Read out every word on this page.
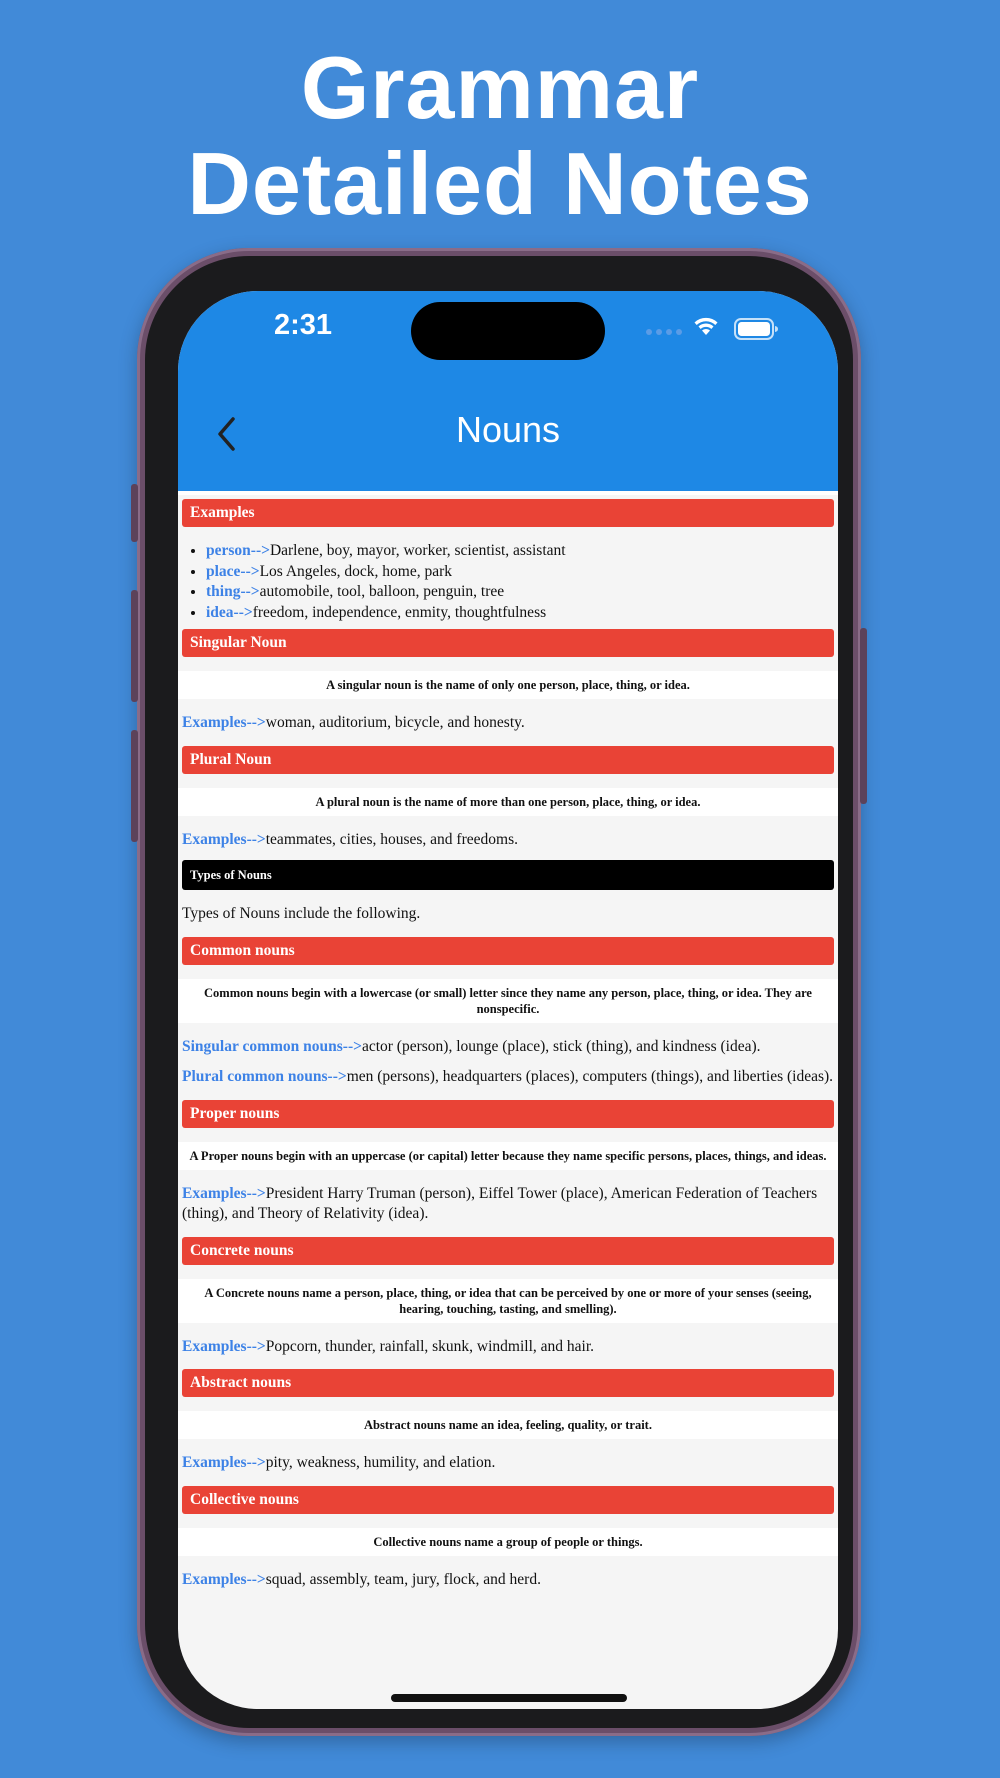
Grammar
Detailed Notes
2:31
Nouns
Examples
• person-->Darlene, boy, mayor, worker, scientist, assistant
• place-->Los Angeles, dock, home, park
• thing-->automobile, tool, balloon, penguin, tree
• idea-->freedom, independence, enmity, thoughtfulness
Singular Noun
A singular noun is the name of only one person, place, thing, or idea.
Examples-->woman, auditorium, bicycle, and honesty.
Plural Noun
A plural noun is the name of more than one person, place, thing, or idea.
Examples-->teammates, cities, houses, and freedoms.
Types of Nouns
Types of Nouns include the following.
Common nouns
Common nouns begin with a lowercase (or small) letter since they name any person, place, thing, or idea. They are nonspecific.
Singular common nouns-->actor (person), lounge (place), stick (thing), and kindness (idea).
Plural common nouns-->men (persons), headquarters (places), computers (things), and liberties (ideas).
Proper nouns
A Proper nouns begin with an uppercase (or capital) letter because they name specific persons, places, things, and ideas.
Examples-->President Harry Truman (person), Eiffel Tower (place), American Federation of Teachers (thing), and Theory of Relativity (idea).
Concrete nouns
A Concrete nouns name a person, place, thing, or idea that can be perceived by one or more of your senses (seeing, hearing, touching, tasting, and smelling).
Examples-->Popcorn, thunder, rainfall, skunk, windmill, and hair.
Abstract nouns
Abstract nouns name an idea, feeling, quality, or trait.
Examples-->pity, weakness, humility, and elation.
Collective nouns
Collective nouns name a group of people or things.
Examples-->squad, assembly, team, jury, flock, and herd.
